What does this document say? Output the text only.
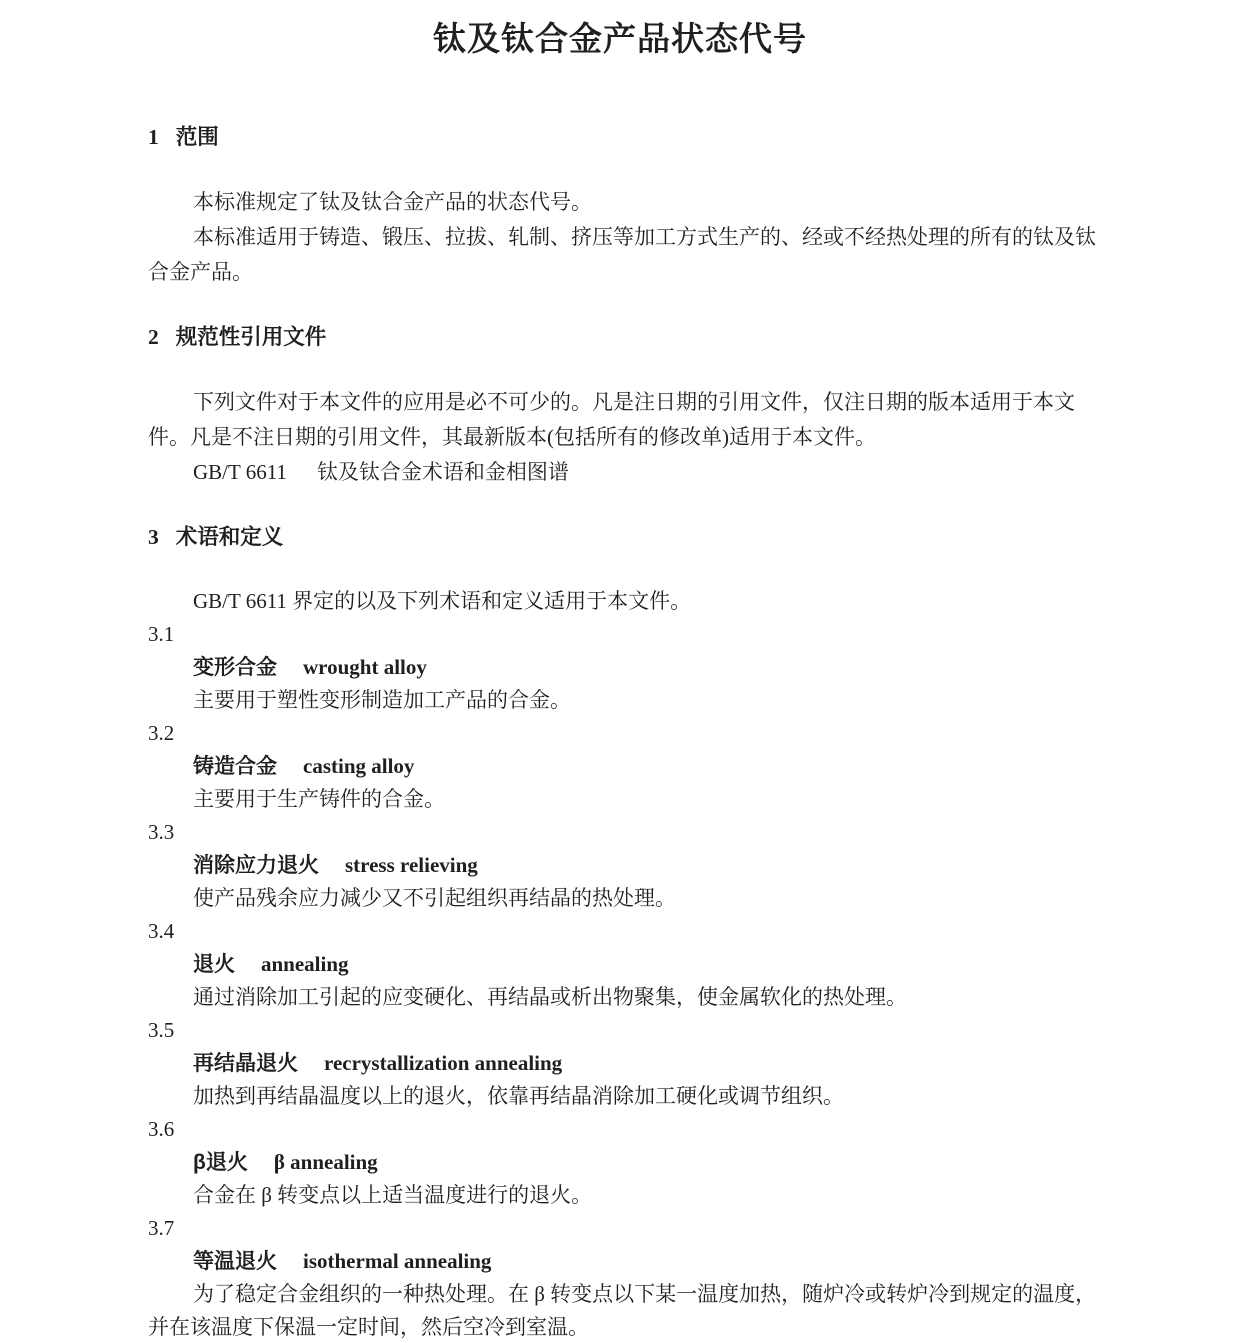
钛及钛合金产品状态代号
1 范围

本标准规定了钛及钛合金产品的状态代号。

本标准适用于铸造、锻压、拉拔、轧制、挤压等加工方式生产的、经或不经热处理的所有的钛及钛合金产品。

2 规范性引用文件

下列文件对于本文件的应用是必不可少的。凡是注日期的引用文件，仅注日期的版本适用于本文件。凡是不注日期的引用文件，其最新版本(包括所有的修改单)适用于本文件。

GB/T 6611 钛及钛合金术语和金相图谱

3 术语和定义

GB/T 6611 界定的以及下列术语和定义适用于本文件。

3.1
变形合金 wrought alloy

主要用于塑性变形制造加工产品的合金。

3.2
铸造合金 casting alloy

主要用于生产铸件的合金。

3.3
消除应力退火 stress relieving

使产品残余应力减少又不引起组织再结晶的热处理。

3.4
退火 annealing

通过消除加工引起的应变硬化、再结晶或析出物聚集，使金属软化的热处理。

3.5
再结晶退火 recrystallization annealing

加热到再结晶温度以上的退火，依靠再结晶消除加工硬化或调节组织。

3.6
β退火 β annealing

合金在 β 转变点以上适当温度进行的退火。

3.7
等温退火 isothermal annealing

为了稳定合金组织的一种热处理。在 β 转变点以下某一温度加热，随炉冷或转炉冷到规定的温度，并在该温度下保温一定时间，然后空冷到室温。
